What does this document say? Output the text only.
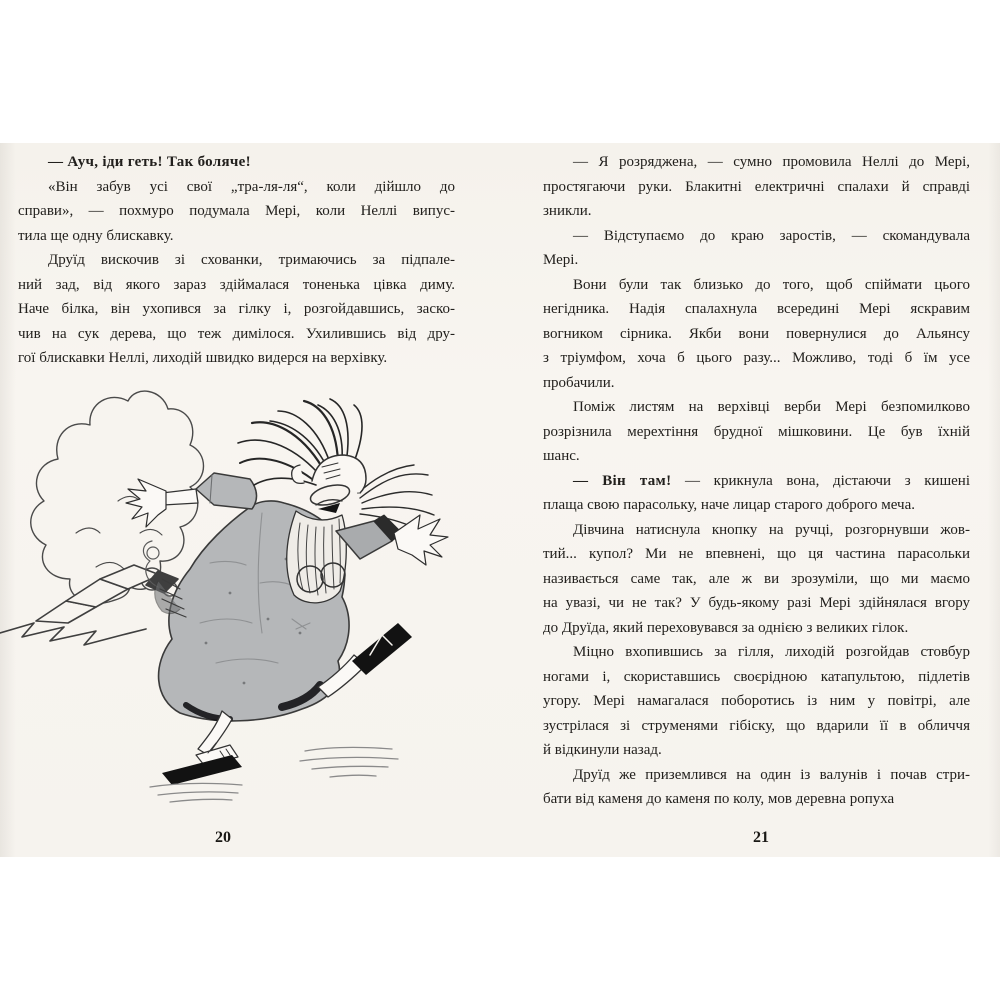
— Ауч, іди геть! Так боляче!
«Він забув усі свої „тра-ля-ля“, коли дійшло до
справи», — похмуро подумала Мері, коли Неллі випус-
тила ще одну блискавку.
Друїд вискочив зі схованки, тримаючись за підпале-
ний зад, від якого зараз здіймалася тоненька цівка диму.
Наче білка, він ухопився за гілку і, розгойдавшись, заско-
чив на сук дерева, що теж димілося. Ухилившись від дру-
гої блискавки Неллі, лиходій швидко видерся на верхівку.
20
— Я розряджена, — сумно промовила Неллі до Мері,
простягаючи руки. Блакитні електричні спалахи й справді
зникли.
— Відступаємо до краю заростів, — скомандувала
Мері.
Вони були так близько до того, щоб спіймати цього
негідника. Надія спалахнула всередині Мері яскравим
вогником сірника. Якби вони повернулися до Альянсу
з тріумфом, хоча б цього разу... Можливо, тоді б їм усе
пробачили.
Поміж листям на верхівці верби Мері безпомилково
розрізнила мерехтіння брудної мішковини. Це був їхній
шанс.
— Він там! — крикнула вона, дістаючи з кишені
плаща свою парасольку, наче лицар старого доброго меча.
Дівчина натиснула кнопку на ручці, розгорнувши жов-
тий... купол? Ми не впевнені, що ця частина парасольки
називається саме так, але ж ви зрозуміли, що ми маємо
на увазі, чи не так? У будь-якому разі Мері здійнялася вгору
до Друїда, який переховувався за однією з великих гілок.
Міцно вхопившись за гілля, лиходій розгойдав стовбур
ногами і, скориставшись своєрідною катапультою, підлетів
угору. Мері намагалася поборотись із ним у повітрі, але
зустрілася зі струменями гібіску, що вдарили її в обличчя
й відкинули назад.
Друїд же приземлився на один із валунів і почав стри-
бати від каменя до каменя по колу, мов деревна ропуха
21
